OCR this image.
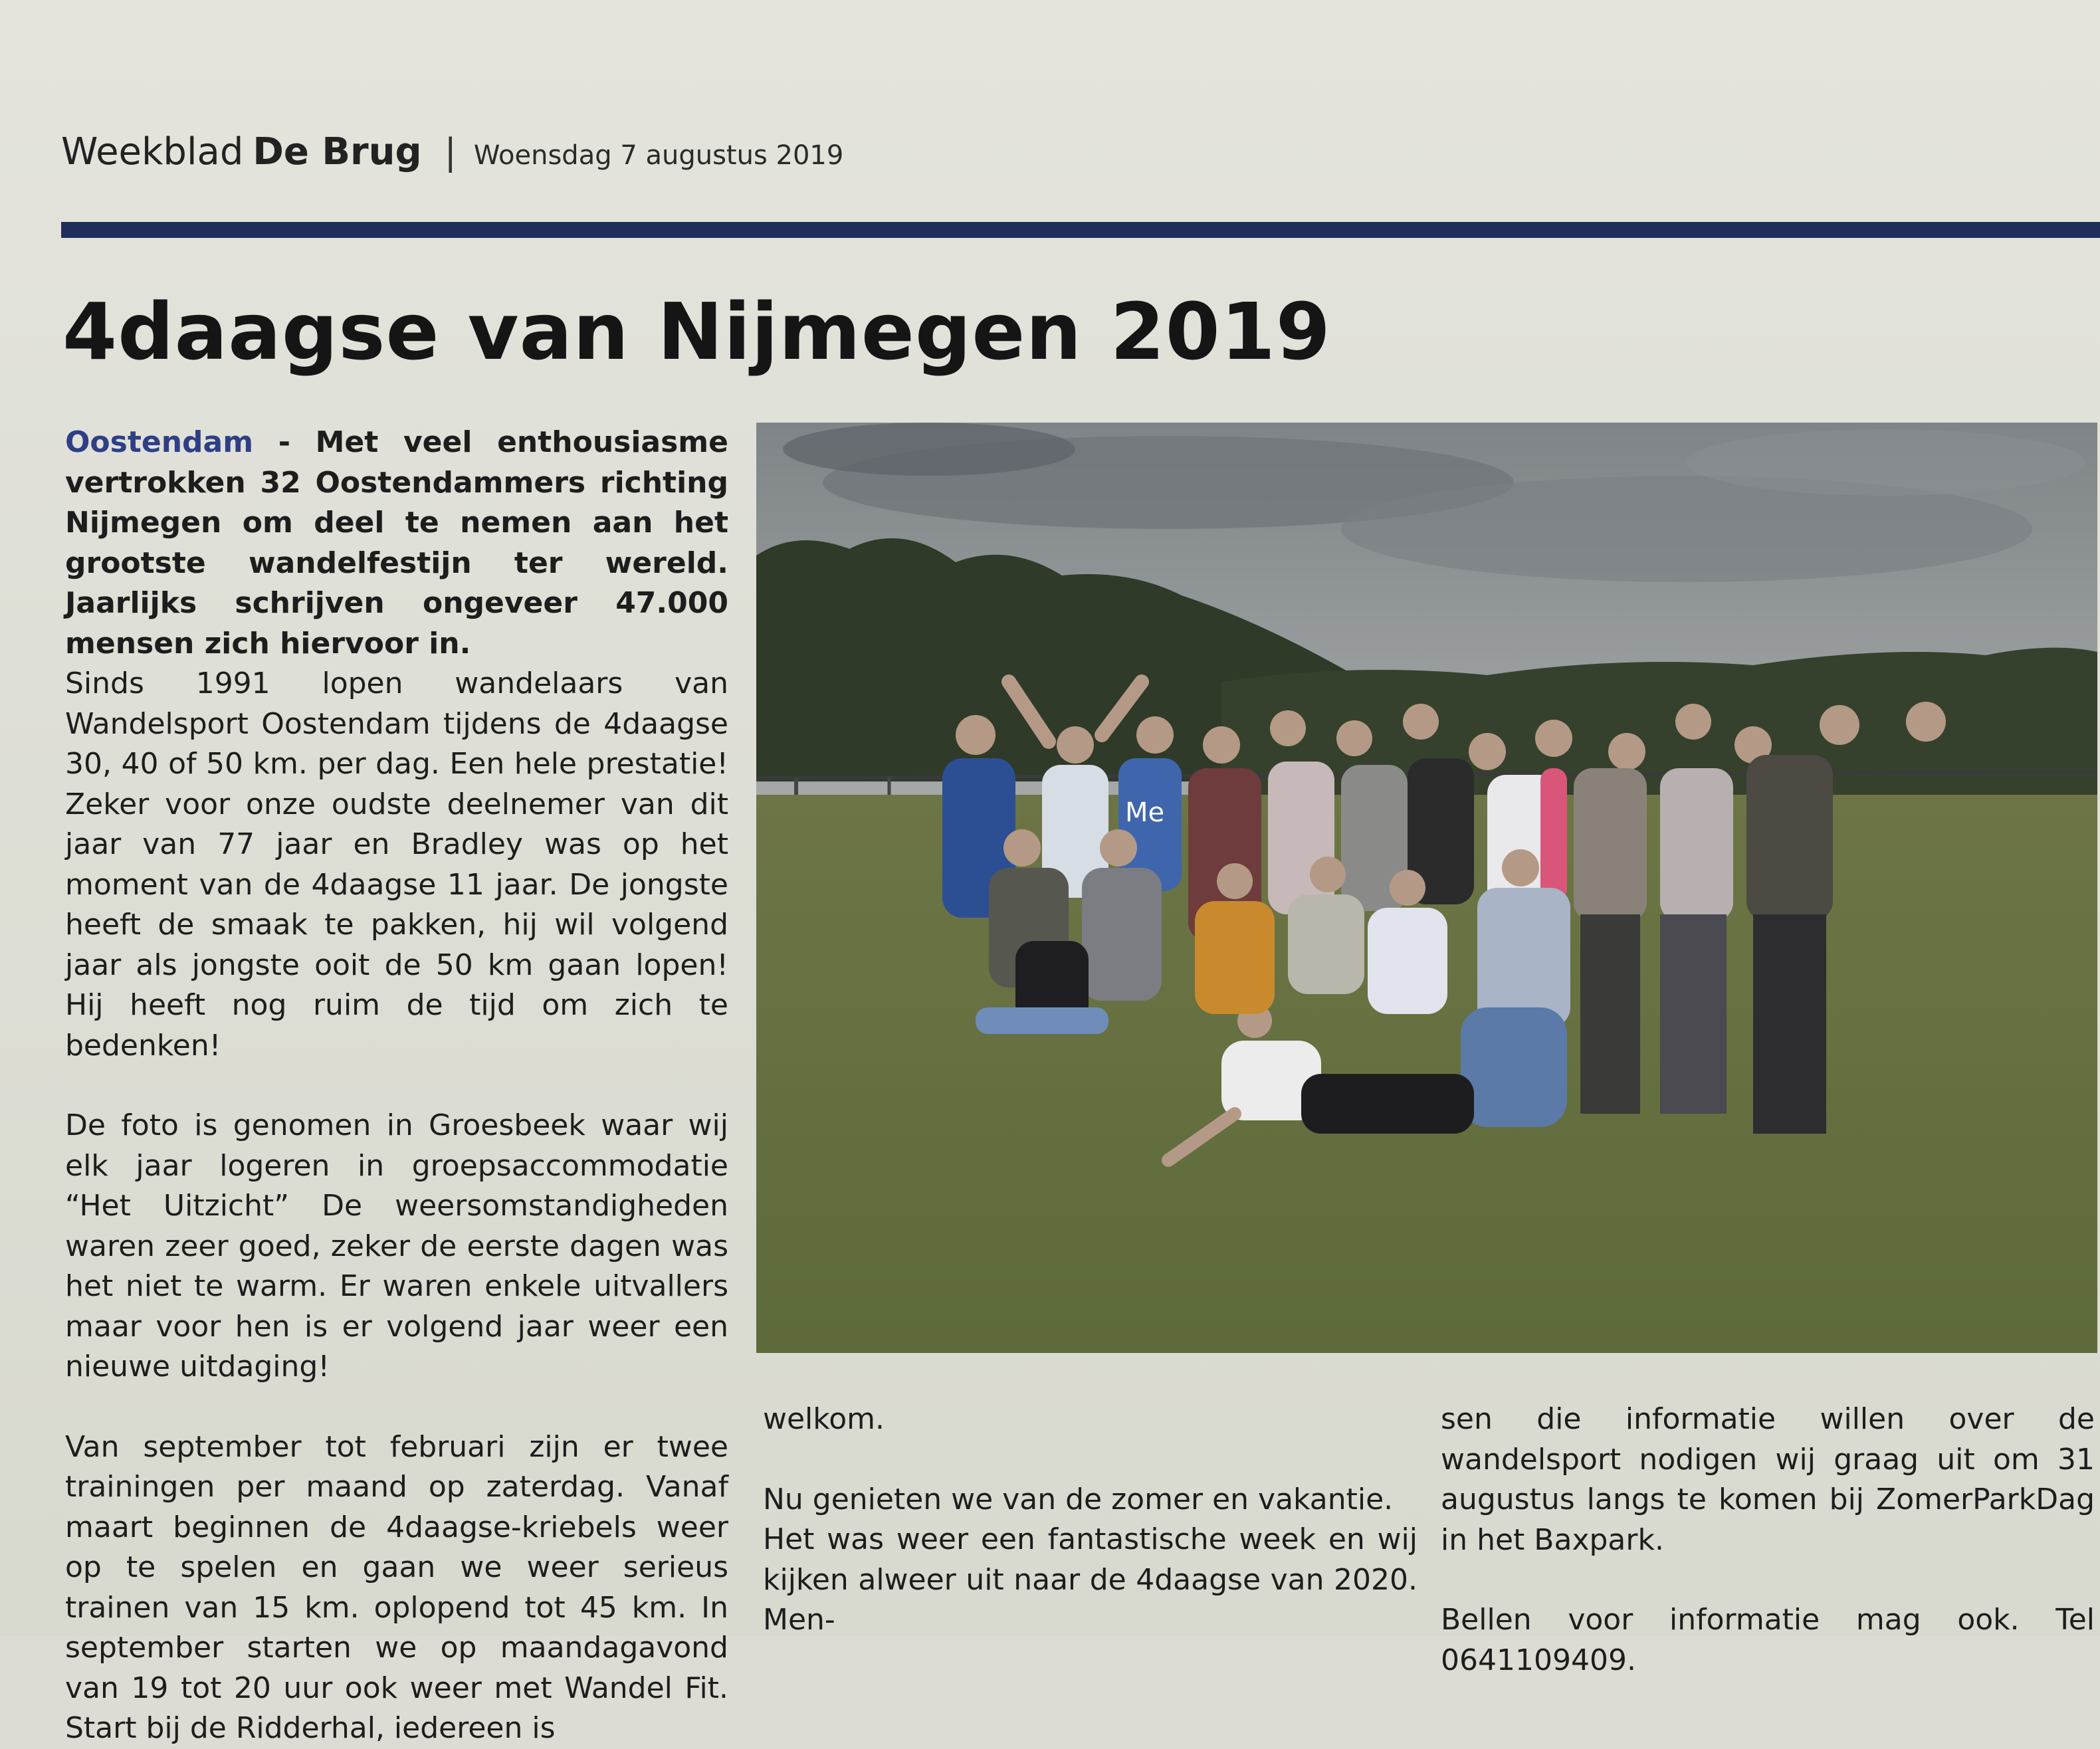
Weekblad De Brug | Woensdag 7 augustus 2019
4daagse van Nijmegen 2019

Oostendam - Met veel enthousiasme vertrokken 32 Oostendammers richting Nijmegen om deel te nemen aan het grootste wandelfestijn ter wereld. Jaarlijks schrijven ongeveer 47.000 mensen zich hiervoor in.

Sinds 1991 lopen wandelaars van Wandelsport Oostendam tijdens de 4daagse 30, 40 of 50 km. per dag. Een hele prestatie! Zeker voor onze oudste deelnemer van dit jaar van 77 jaar en Bradley was op het moment van de 4daagse 11 jaar. De jongste heeft de smaak te pakken, hij wil volgend jaar als jongste ooit de 50 km gaan lopen! Hij heeft nog ruim de tijd om zich te bedenken!

De foto is genomen in Groesbeek waar wij elk jaar logeren in groepsaccommodatie “Het Uitzicht” De weersomstandigheden waren zeer goed, zeker de eerste dagen was het niet te warm. Er waren enkele uitvallers maar voor hen is er volgend jaar weer een nieuwe uitdaging!

Van september tot februari zijn er twee trainingen per maand op zaterdag. Vanaf maart beginnen de 4daagse-kriebels weer op te spelen en gaan we weer serieus trainen van 15 km. oplopend tot 45 km. In september starten we op maandagavond van 19 tot 20 uur ook weer met Wandel Fit. Start bij de Ridderhal, iedereen is

Me

welkom.

Nu genieten we van de zomer en vakantie.

Het was weer een fantastische week en wij kijken alweer uit naar de 4daagse van 2020. Men-

sen die informatie willen over de wandelsport nodigen wij graag uit om 31 augustus langs te komen bij ZomerParkDag in het Baxpark.

Bellen voor informatie mag ook. Tel 0641109409.
